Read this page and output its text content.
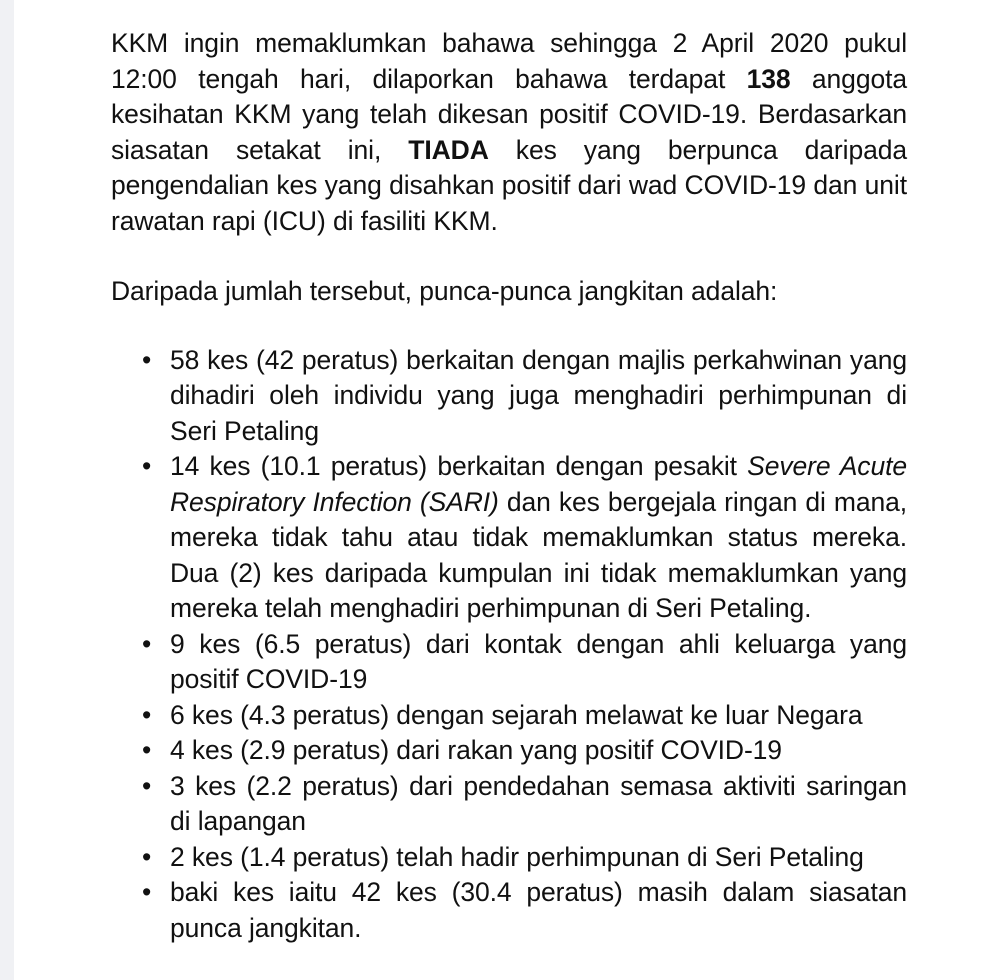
KKM ingin memaklumkan bahawa sehingga 2 April 2020 pukul 12:00 tengah hari, dilaporkan bahawa terdapat 138 anggota kesihatan KKM yang telah dikesan positif COVID-19. Berdasarkan siasatan setakat ini, TIADA kes yang berpunca daripada pengendalian kes yang disahkan positif dari wad COVID-19 dan unit rawatan rapi (ICU) di fasiliti KKM.

Daripada jumlah tersebut, punca-punca jangkitan adalah:

• 58 kes (42 peratus) berkaitan dengan majlis perkahwinan yang dihadiri oleh individu yang juga menghadiri perhimpunan di Seri Petaling
• 14 kes (10.1 peratus) berkaitan dengan pesakit Severe Acute Respiratory Infection (SARI) dan kes bergejala ringan di mana, mereka tidak tahu atau tidak memaklumkan status mereka. Dua (2) kes daripada kumpulan ini tidak memaklumkan yang mereka telah menghadiri perhimpunan di Seri Petaling.
• 9 kes (6.5 peratus) dari kontak dengan ahli keluarga yang positif COVID-19
• 6 kes (4.3 peratus) dengan sejarah melawat ke luar Negara
• 4 kes (2.9 peratus) dari rakan yang positif COVID-19
• 3 kes (2.2 peratus) dari pendedahan semasa aktiviti saringan di lapangan
• 2 kes (1.4 peratus) telah hadir perhimpunan di Seri Petaling
• baki kes iaitu 42 kes (30.4 peratus) masih dalam siasatan punca jangkitan.
